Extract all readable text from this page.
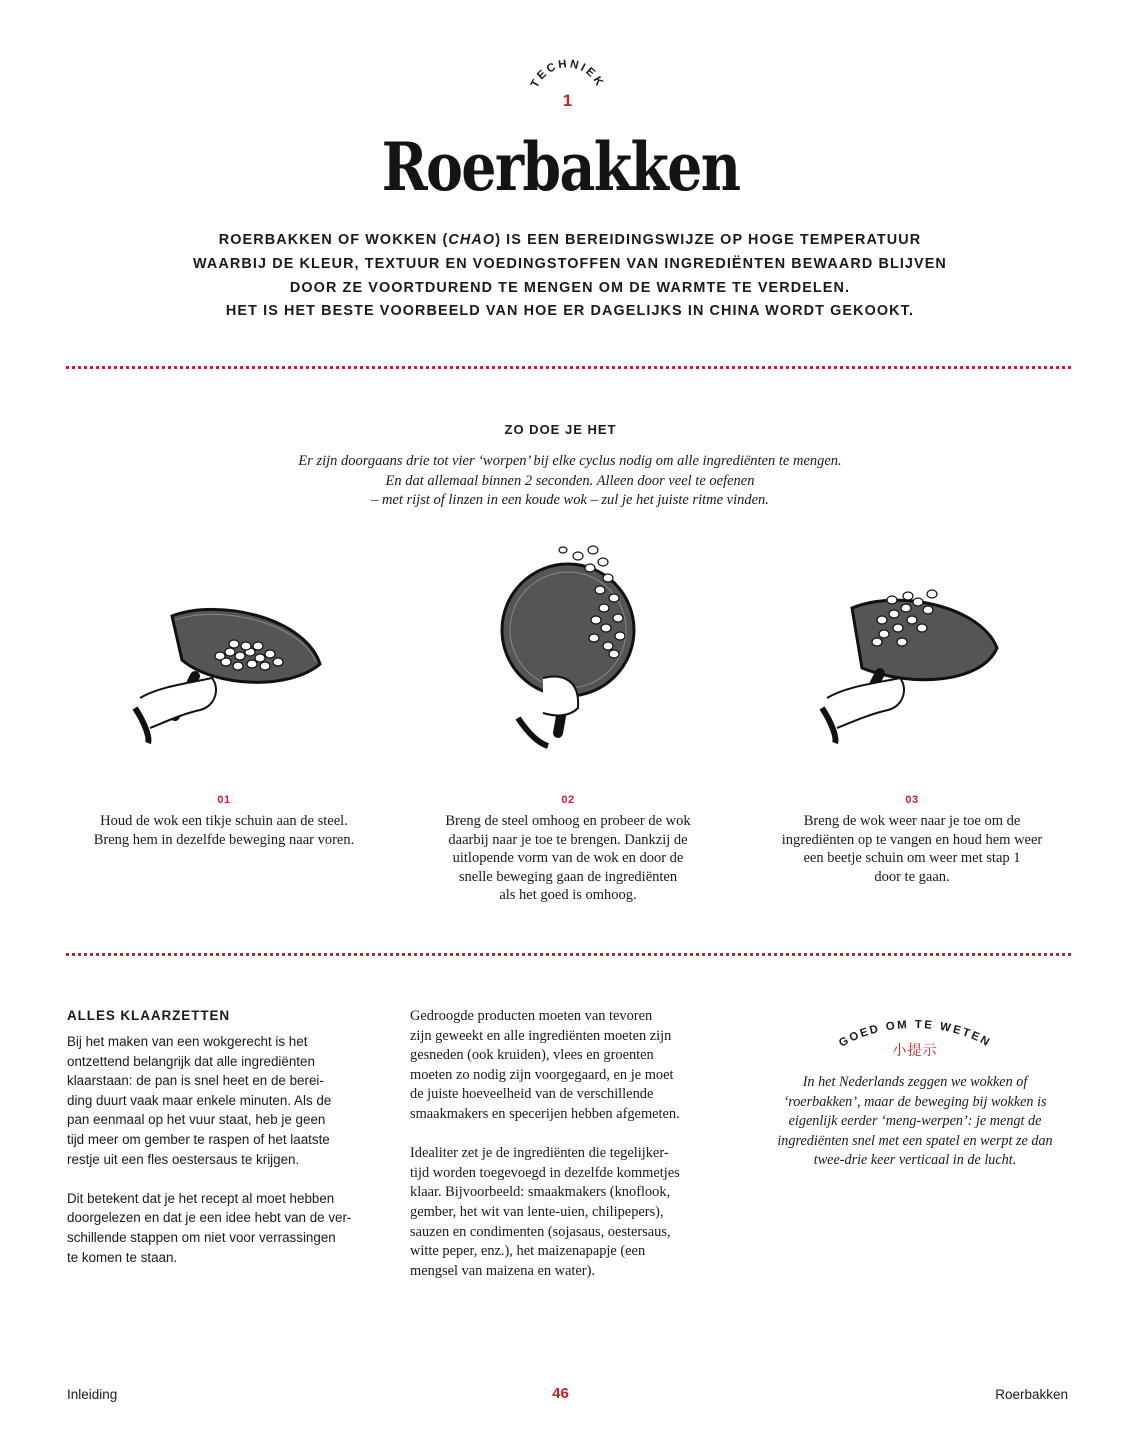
TECHNIEK
1
Roerbakken
ROERBAKKEN OF WOKKEN (CHAO) IS EEN BEREIDINGSWIJZE OP HOGE TEMPERATUUR
WAARBIJ DE KLEUR, TEXTUUR EN VOEDINGSTOFFEN VAN INGREDIËNTEN BEWAARD BLIJVEN
DOOR ZE VOORTDUREND TE MENGEN OM DE WARMTE TE VERDELEN.
HET IS HET BESTE VOORBEELD VAN HOE ER DAGELIJKS IN CHINA WORDT GEKOOKT.
ZO DOE JE HET
Er zijn doorgaans drie tot vier ‘worpen’ bij elke cyclus nodig om alle ingrediënten te mengen.
En dat allemaal binnen 2 seconden. Alleen door veel te oefenen
– met rijst of linzen in een koude wok – zul je het juiste ritme vinden.
01
Houd de wok een tikje schuin aan de steel.
Breng hem in dezelfde beweging naar voren.
02
Breng de steel omhoog en probeer de wok
daarbij naar je toe te brengen. Dankzij de
uitlopende vorm van de wok en door de
snelle beweging gaan de ingrediënten
als het goed is omhoog.
03
Breng de wok weer naar je toe om de
ingrediënten op te vangen en houd hem weer
een beetje schuin om weer met stap 1
door te gaan.
ALLES KLAARZETTEN
Bij het maken van een wokgerecht is het
ontzettend belangrijk dat alle ingrediënten
klaarstaan: de pan is snel heet en de berei-
ding duurt vaak maar enkele minuten. Als de
pan eenmaal op het vuur staat, heb je geen
tijd meer om gember te raspen of het laatste
restje uit een fles oestersaus te krijgen.
Dit betekent dat je het recept al moet hebben
doorgelezen en dat je een idee hebt van de ver-
schillende stappen om niet voor verrassingen
te komen te staan.
Gedroogde producten moeten van tevoren
zijn geweekt en alle ingrediënten moeten zijn
gesneden (ook kruiden), vlees en groenten
moeten zo nodig zijn voorgegaard, en je moet
de juiste hoeveelheid van de verschillende
smaakmakers en specerijen hebben afgemeten.
Idealiter zet je de ingrediënten die tegelijker-
tijd worden toegevoegd in dezelfde kommetjes
klaar. Bijvoorbeeld: smaakmakers (knoflook,
gember, het wit van lente-uien, chilipepers),
sauzen en condimenten (sojasaus, oestersaus,
witte peper, enz.), het maizenapapje (een
mengsel van maizena en water).
GOED OM TE WETEN
小提示
In het Nederlands zeggen we wokken of
‘roerbakken’, maar de beweging bij wokken is
eigenlijk eerder ‘meng-werpen’: je mengt de
ingrediënten snel met een spatel en werpt ze dan
twee-drie keer verticaal in de lucht.
Inleiding	46	Roerbakken
